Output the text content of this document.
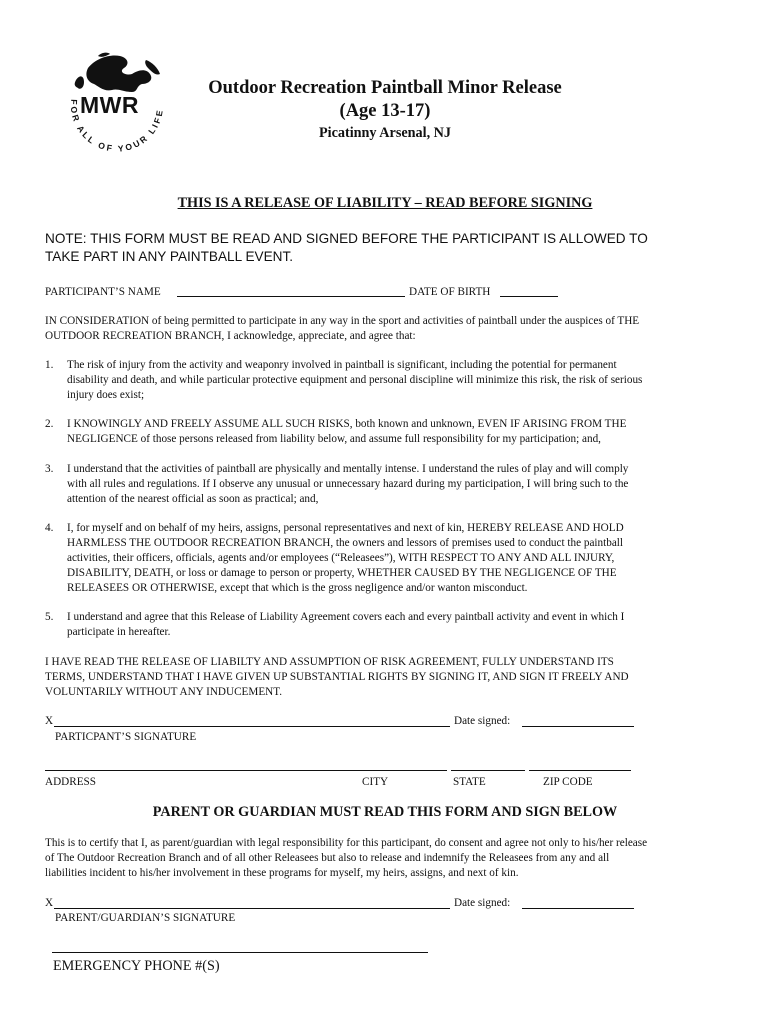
MWR
FOR ALL OF YOUR LIFE
Outdoor Recreation Paintball Minor Release
(Age 13-17)
Picatinny Arsenal, NJ
THIS IS A RELEASE OF LIABILITY – READ BEFORE SIGNING
NOTE: THIS FORM MUST BE READ AND SIGNED BEFORE THE PARTICIPANT IS ALLOWED TO
TAKE PART IN ANY PAINTBALL EVENT.
PARTICIPANT’S NAME	DATE OF BIRTH
IN CONSIDERATION of being permitted to participate in any way in the sport and activities of paintball under the auspices of THE
OUTDOOR RECREATION BRANCH, I acknowledge, appreciate, and agree that:
1. The risk of injury from the activity and weaponry involved in paintball is significant, including the potential for permanent
disability and death, and while particular protective equipment and personal discipline will minimize this risk, the risk of serious
injury does exist;
2. I KNOWINGLY AND FREELY ASSUME ALL SUCH RISKS, both known and unknown, EVEN IF ARISING FROM THE
NEGLIGENCE of those persons released from liability below, and assume full responsibility for my participation; and,
3. I understand that the activities of paintball are physically and mentally intense. I understand the rules of play and will comply
with all rules and regulations. If I observe any unusual or unnecessary hazard during my participation, I will bring such to the
attention of the nearest official as soon as practical; and,
4. I, for myself and on behalf of my heirs, assigns, personal representatives and next of kin, HEREBY RELEASE AND HOLD
HARMLESS THE OUTDOOR RECREATION BRANCH, the owners and lessors of premises used to conduct the paintball
activities, their officers, officials, agents and/or employees (“Releasees”), WITH RESPECT TO ANY AND ALL INJURY,
DISABILITY, DEATH, or loss or damage to person or property, WHETHER CAUSED BY THE NEGLIGENCE OF THE
RELEASEES OR OTHERWISE, except that which is the gross negligence and/or wanton misconduct.
5. I understand and agree that this Release of Liability Agreement covers each and every paintball activity and event in which I
participate in hereafter.
I HAVE READ THE RELEASE OF LIABILTY AND ASSUMPTION OF RISK AGREEMENT, FULLY UNDERSTAND ITS
TERMS, UNDERSTAND THAT I HAVE GIVEN UP SUBSTANTIAL RIGHTS BY SIGNING IT, AND SIGN IT FREELY AND
VOLUNTARILY WITHOUT ANY INDUCEMENT.
X	Date signed:
PARTICPANT’S SIGNATURE
ADDRESS	CITY	STATE	ZIP CODE
PARENT OR GUARDIAN MUST READ THIS FORM AND SIGN BELOW
This is to certify that I, as parent/guardian with legal responsibility for this participant, do consent and agree not only to his/her release
of The Outdoor Recreation Branch and of all other Releasees but also to release and indemnify the Releasees from any and all
liabilities incident to his/her involvement in these programs for myself, my heirs, assigns, and next of kin.
X	Date signed:
PARENT/GUARDIAN’S SIGNATURE
EMERGENCY PHONE #(S)
